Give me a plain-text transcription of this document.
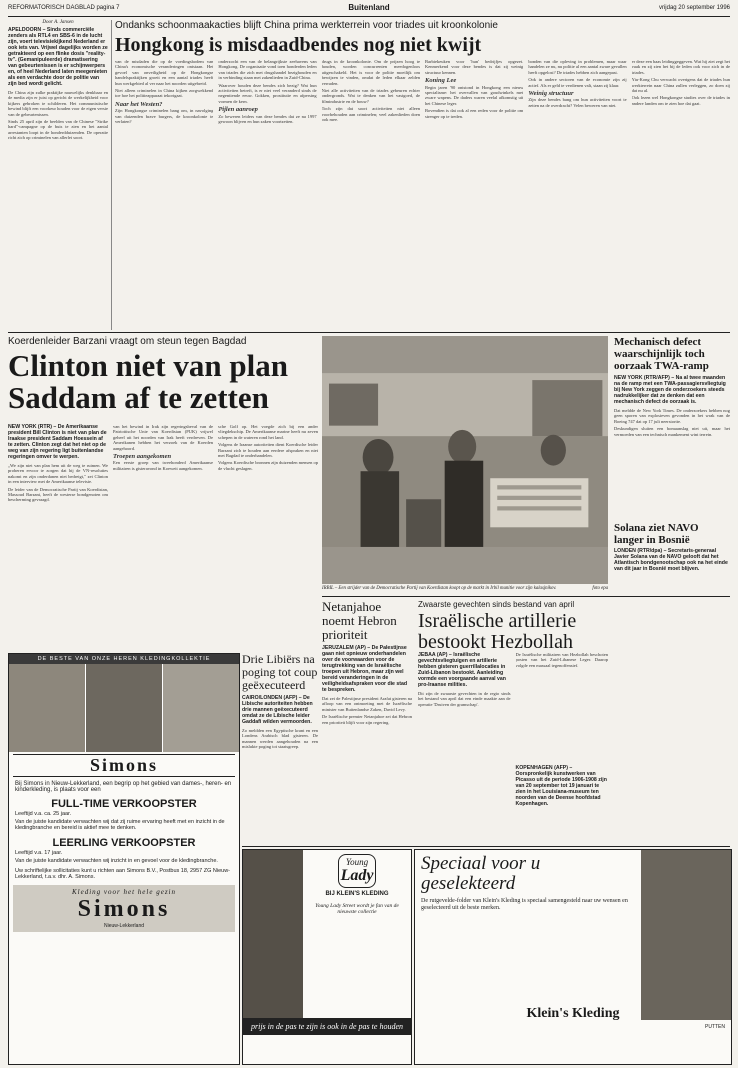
REFORMATORISCH DAGBLAD pagina 7	Buitenland	vrijdag 20 september 1996
Door A. Jansen
APELDOORN – Sinds commerciële zenders als RTL4 en SBS-6 in de lucht zijn, voert televisiekijkend Nederland er ook iets van. Vrijwel dagelijks worden ze getrakteerd op een flinke dosis "reality-tv". (Gemanipuleerde) dramatisering van gebeurtenissen is er schijnwerpers en, of heel Nederland laten meegenieten als een verdachte door de politie van zijn bed wordt gelicht.

De China zijn zulke praktijke nauwelijks denkbaar en de media zijn er juist op gericht de werkelijkheid voor kijkers gebroken te schilderen. Het communistische bewind blijft een voorkeur houden voor de eigen versie van de gebeurtenissen.

Sinds 25 april zijn de beelden van de Chinese "Strike hard"-campagne op de buis te zien en het aantal arrestanten loopt in de honderdduizenden. De operatie richt zich op criminelen van allerlei soort.

Ondanks schoonmaakacties blijft China prima werkterrein voor triades uit kroonkolonie
Hongkong is misdaadbendes nog niet kwijt

van de misdaden die op de voedingsbodem van China's economische veranderingen ontstaan. Het gevoel van onveiligheid op de Hongkongse handelspraktijken groeit en een aantal triades heeft hun werkgebied al ver naar het noorden uitgebreid.

Niet alleen criminelen in China kijken zorgwekkend toe hoe het politieapparaat tekortgaat.

Naar het Westen?

Zijn Hongkongse criminelen bang om, in navolging van duizenden brave burgers, de kroonkolonie te verlaten?

onderzocht een van de belangrijkste zeehavens van Hongkong. De organisatie vond toen honderden leden van triades die zich met drugshandel bezighouden en in verbinding staan met zakenlieden in Zuid-China.

Waarover houden deze bendes zich bezig? Wat hun activiteiten betreft, is er niet veel veranderd sinds de negentiende eeuw. Gokken, prostitutie en afpersing vormen de kern.

Pijlen aanroep

Zo beweren leiders van deze bendes dat ze na 1997 gewoon blijven en hun zaken voortzetten.

drugs in de kroonkolonie. Om de prijzen hoog te houden, worden concurrenten meedogenloos uitgeschakeld. Het is voor de politie moeilijk om bewijzen te vinden, omdat de leden elkaar zelden verraden.

Niet alle activiteiten van de triades gebeuren echter ondergronds. Wat te denken van het vastgoed, de filmindustrie en de bouw?

Toch zijn dat soort activiteiten niet alleen voorbehouden aan criminelen; veel zakenlieden doen ook mee.

Barbiekeuken voor 'hun' bedrijfjes opgezet. Kenmerkend voor deze bendes is dat zij weinig structuur kennen.

Koning Lee

Begin jaren '90 ontstond in Hongkong een nieuw specialisme: het overvallen van goudwinkels met zware wapens. De daders waren veelal afkomstig uit het Chinese leger.

Bovendien is dat ook al een reden voor de politie om strenger op te treden.

bonden van die opleving in problemen, maar waar handelen ze nu, nu politie al een aantal zware gevallen heeft opgelost? De triades hebben zich aangepast.

Ook in andere sectoren van de economie zijn zij actief. Als er geld te verdienen valt, staan zij klaar.

Weinig structuur

Zijn deze bendes bang om hun activiteiten voort te zetten na de overdracht? Velen beweren van niet.

er deze een baas leidinggeggeven. Wat hij ziet zegt het vaak en zij zien het bij de leden ook voor zich in de triades.

Yiu-Kong Chu verwacht overigens dat de triades hun werkterrein naar China zullen verleggen, zo doen zij dat nu al.

Ook lezen wel Hongkongse studies over de triades in andere landen om te zien hoe dat gaat.

Koerdenleider Barzani vraagt om steun tegen Bagdad
Clinton niet van plan Saddam af te zetten
NEW YORK (RTR) – De Amerikaanse president Bill Clinton is niet van plan de Iraakse president Saddam Hoessein af te zetten. Clinton zegt dat het niet op de weg van zijn regering ligt buitenlandse regeringen omver te werpen.

„We zijn niet van plan hem uit de weg te ruimen. We proberen ervoor te zorgen dat hij de VN-resoluties nakomt en zijn onderdanen niet bedreigt," zei Clinton in een interview met de Amerikaanse televisie.

De leider van de Democratische Partij van Koerdistan, Massoud Barzani, heeft de westerse bondgenoten om bescherming gevraagd.

van het bewind in Irak zijn regeringsbeval van de Patriottische Unie van Koerdistan (PUK) vrijwel geheel uit het noorden van Irak heeft verdreven. De Amerikanen hebben het verzoek van de Koerden aangehoord.

Troepen aangekomen

Een eerste groep van tweehonderd Amerikaanse militairen is gisteravond in Koeweit aangekomen.

sche Golf op. Het voegde zich bij een ander vliegdekschip. De Amerikaanse marine heeft nu zeven schepen in de wateren rond het land.

Volgens de Iraanse autoriteiten dient Koerdische leider Barzani zich te houden aan eerdere afspraken en niet met Bagdad te onderhandelen.

Volgens Koerdische bronnen zijn duizenden mensen op de vlucht geslagen.

IRBIL – Een strijder van de Democratische Partij van Koerdistan koopt op de markt in Irbil munitie voor zijn kalasjnikov.	foto epa
Netanjahoe noemt Hebron prioriteit
JERUZALEM (AP) – De Palestijnse gaan niet opnieuw onderhandelen over de voorwaarden voor de terugtrekking van de Israëlische troepen uit Hebron, maar zijn wel bereid veranderingen in de veiligheidsafspraken voor die stad te bespreken.

Dat zei de Palestijnse president Arafat gisteren na afloop van een ontmoeting met de Israëlische minister van Buitenlandse Zaken, David Levy.

De Israëlische premier Netanjahoe zei dat Hebron een prioriteit blijft voor zijn regering.

Zwaarste gevechten sinds bestand van april
Israëlische artillerie bestookt Hezbollah
JEBAA (AP) – Israëlische gevechtsvliegtuigen en artillerie hebben gisteren guerrillalocaties in Zuid-Libanon bestookt. Aanleiding vormde een voorgaande aanval van pro-Iraanse milities.

Dit zijn de zwaarste gevechten in de regio sinds het bestand van april dat een einde maakte aan de operatie 'Druiven der gramschap'.

De Israëlische militairen van Hezbollah beschoten posten van het Zuid-Libanese Leger. Daarop volgde een massaal tegenoffensief.

KOPENHAGEN (AFP) – Oorspronkelijk kunstwerken van Picasso uit de periode 1906-1908 zijn van 20 september tot 19 januari te zien in het Louisiana-museum ten noorden van de Deense hoofdstad Kopenhagen.
Mechanisch defect waarschijnlijk toch oorzaak TWA-ramp
NEW YORK (RTR/AFP) – Na al twee maanden na de ramp met een TWA-passagiersvliegtuig bij New York zeggen de onderzoekers steeds nadrukkelijker dat ze denken dat een mechanisch defect de oorzaak is.

Dat meldde de New York Times. De onderzoekers hebben nog geen sporen van explosieven gevonden in het wrak van de Boeing 747 dat op 17 juli neerstortte.

Deskundigen sluiten een bomaanslag niet uit, maar het vermoeden van een technisch mankement wint terrein.

Solana ziet NAVO langer in Bosnië
LONDEN (RTR/dpa) – Secretaris-generaal Javier Solana van de NAVO gelooft dat het Atlantisch bondgenootschap ook na het einde van dit jaar in Bosnië moet blijven.
DE BESTE VAN ONZE HEREN KLEDINGKOLLEKTIE
Simons
Bij Simons in Nieuw-Lekkerland, een begrip op het gebied van dames-, heren- en kinderkleding, is plaats voor een
FULL-TIME VERKOOPSTER
Leeftijd v.a. ca. 25 jaar.
Van de juiste kandidate verwachten wij dat zij ruime ervaring heeft met en inzicht in de kledingbranche en bereid is aktief mee te denken.
LEERLING VERKOOPSTER
Leeftijd v.a. 17 jaar.
Van de juiste kandidate verwachten wij inzicht in en gevoel voor de kledingbranche.
Uw schriftelijke sollicitaties kunt u richten aan Simons B.V., Postbus 18, 2957 ZG Nieuw-Lekkerland, t.a.v. dhr. A. Simons.
Kleding voor het hele gezin
Simons
Nieuw-Lekkerland
Drie Libiërs na poging tot coup geëxecuteerd
CAIRO/LONDEN (AFP) – De Libische autoriteiten hebben drie mannen geëxecuteerd omdat ze de Libische leider Gaddafi wilden vermoorden.

Zo meldden een Egyptische krant en een Londens Arabisch blad gisteren. De mannen werden aangehouden na een mislukte poging tot staatsgreep.

Young
Lady
BIJ KLEIN'S KLEDING
Young Lady Street wordt je fan van de nieuwste collectie
prijs in de pas te zijn is ook in de pas te houden
Speciaal voor u geselekteerd
De rutgevelde-folder van Klein's Kleding is speciaal samengesteld naar uw wensen en geselecteerd uit de beste merken.
Klein's Kleding
PUTTEN
